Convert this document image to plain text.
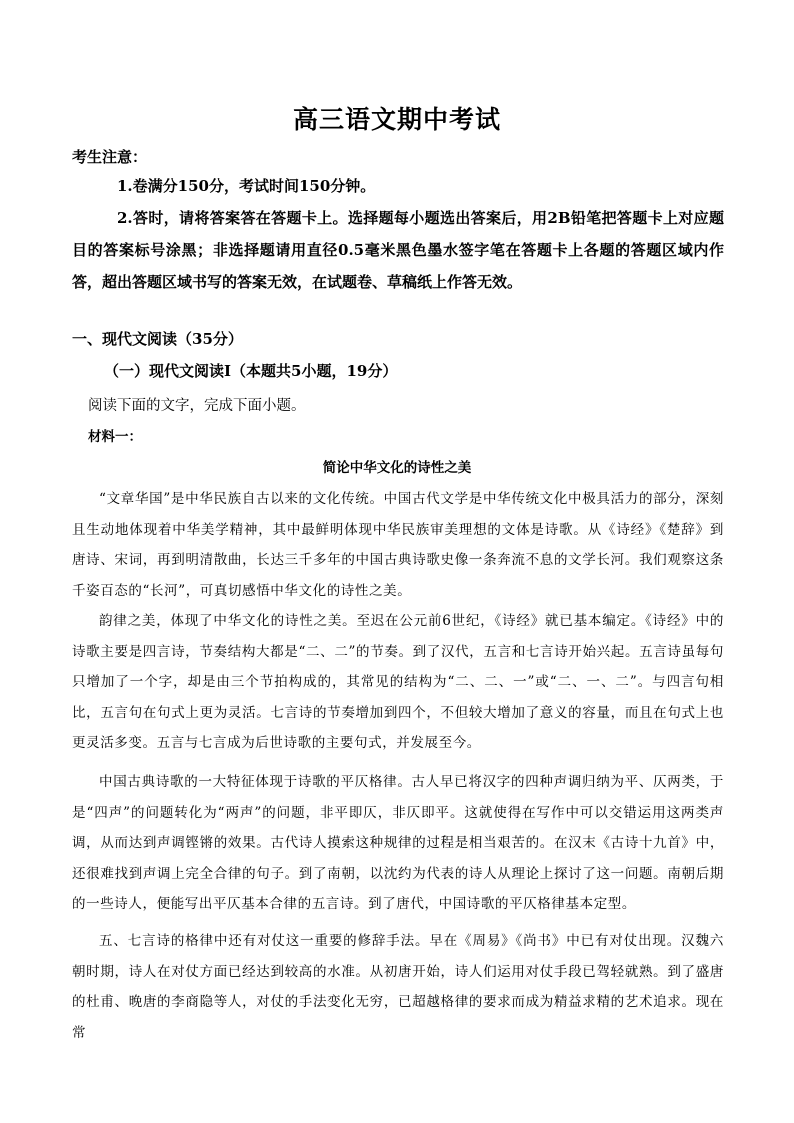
高三语文期中考试
考生注意：

1.卷满分150分，考试时间150分钟。

2.答时，请将答案答在答题卡上。选择题每小题选出答案后，用2B铅笔把答题卡上对应题目的答案标号涂黑；非选择题请用直径0.5毫米黑色墨水签字笔在答题卡上各题的答题区域内作答，超出答题区域书写的答案无效，在试题卷、草稿纸上作答无效。

一、现代文阅读（35分）
（一）现代文阅读Ⅰ（本题共5小题，19分）
阅读下面的文字，完成下面小题。
材料一：
简论中华文化的诗性之美

“文章华国”是中华民族自古以来的文化传统。中国古代文学是中华传统文化中极具活力的部分，深刻且生动地体现着中华美学精神，其中最鲜明体现中华民族审美理想的文体是诗歌。从《诗经》《楚辞》到唐诗、宋词，再到明清散曲，长达三千多年的中国古典诗歌史像一条奔流不息的文学长河。我们观察这条千姿百态的“长河”，可真切感悟中华文化的诗性之美。

韵律之美，体现了中华文化的诗性之美。至迟在公元前6世纪，《诗经》就已基本编定。《诗经》中的诗歌主要是四言诗，节奏结构大都是“二、二”的节奏。到了汉代，五言和七言诗开始兴起。五言诗虽每句只增加了一个字，却是由三个节拍构成的，其常见的结构为“二、二、一”或“二、一、二”。与四言句相比，五言句在句式上更为灵活。七言诗的节奏增加到四个，不但较大增加了意义的容量，而且在句式上也更灵活多变。五言与七言成为后世诗歌的主要句式，并发展至今。

中国古典诗歌的一大特征体现于诗歌的平仄格律。古人早已将汉字的四种声调归纳为平、仄两类，于是“四声”的问题转化为“两声”的问题，非平即仄，非仄即平。这就使得在写作中可以交错运用这两类声调，从而达到声调铿锵的效果。古代诗人摸索这种规律的过程是相当艰苦的。在汉末《古诗十九首》中，还很难找到声调上完全合律的句子。到了南朝，以沈约为代表的诗人从理论上探讨了这一问题。南朝后期的一些诗人，便能写出平仄基本合律的五言诗。到了唐代，中国诗歌的平仄格律基本定型。

五、七言诗的格律中还有对仗这一重要的修辞手法。早在《周易》《尚书》中已有对仗出现。汉魏六朝时期，诗人在对仗方面已经达到较高的水准。从初唐开始，诗人们运用对仗手段已驾轻就熟。到了盛唐的杜甫、晚唐的李商隐等人，对仗的手法变化无穷，已超越格律的要求而成为精益求精的艺术追求。现在常
